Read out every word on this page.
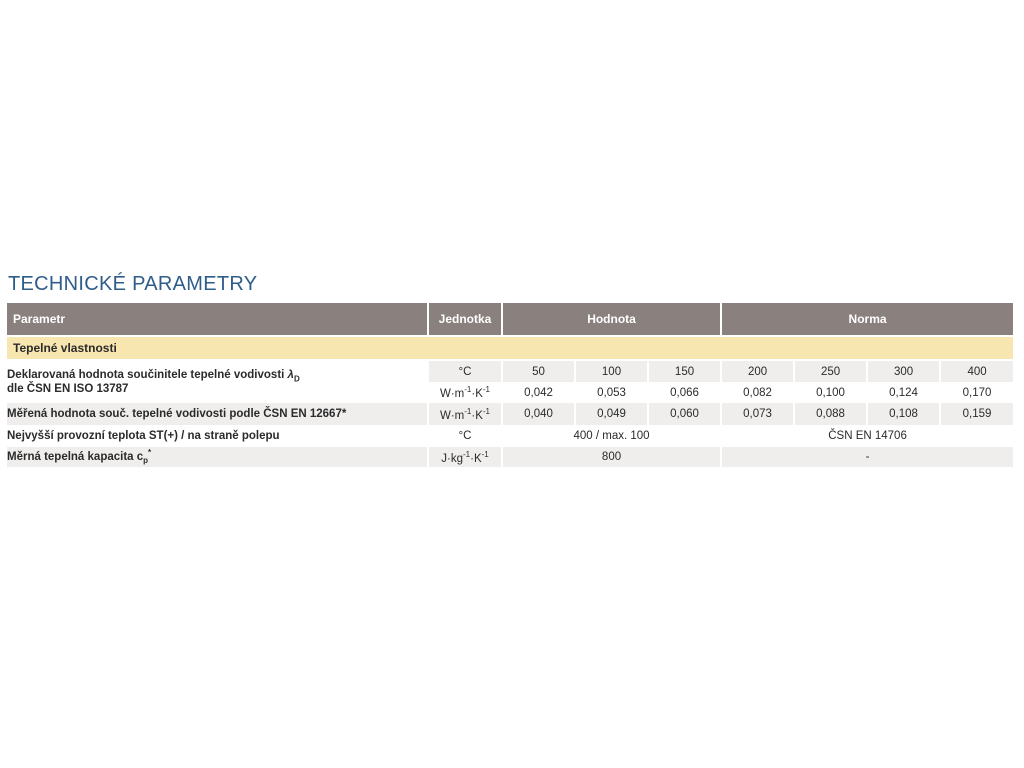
TECHNICKÉ PARAMETRY
Parametr	Jednotka	Hodnota			Norma			

Tepelné vlastnosti								

Deklarovaná hodnota součinitele tepelné vodivosti $\lambda_D$
dle ČSN EN ISO 13787	°C	50	100	150	200	250	300	400
	$W\cdot m^{-1}\cdot K^{-1}$	0,042	0,053	0,066	0,082	0,100	0,124	0,170
Měřená hodnota souč. tepelné vodivosti podle ČSN EN 12667*	$W\cdot m^{-1}\cdot K^{-1}$	0,040	0,049	0,060	0,073	0,088	0,108	0,159
Nejvyšší provozní teplota ST(+) / na straně polepu	°C	400 / max. 100			ČSN EN 14706			
Měrná tepelná kapacita $c_p^*$	$J\cdot kg^{-1}\cdot K^{-1}$	800			-			
